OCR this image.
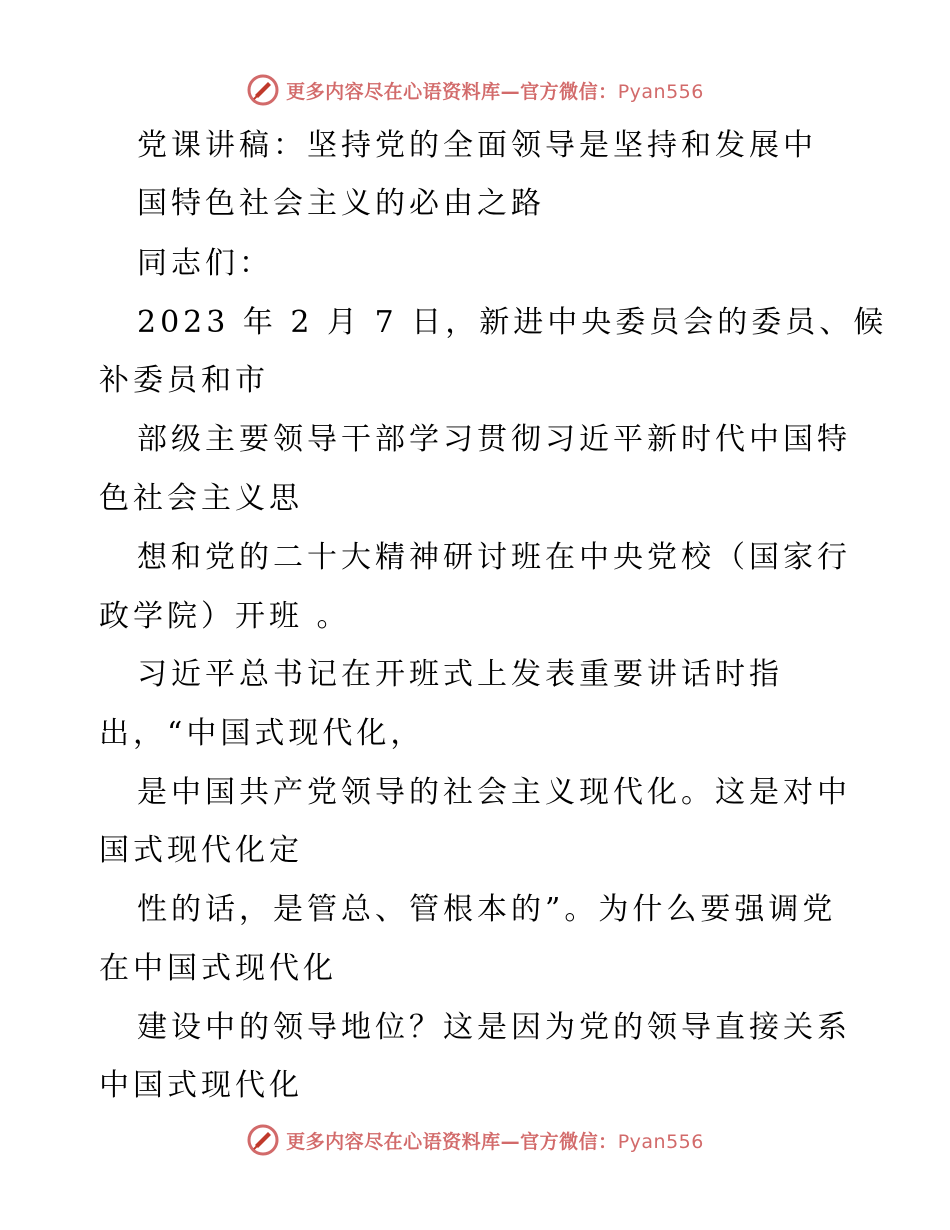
更多内容尽在心语资料库—官方微信：Pyan556
党课讲稿：坚持党的全面领导是坚持和发展中
国特色社会主义的必由之路
同志们：
2023 年 2 月 7 日，新进中央委员会的委员、候
补委员和市
部级主要领导干部学习贯彻习近平新时代中国特
色社会主义思
想和党的二十大精神研讨班在中央党校（国家行
政学院）开班 。
习近平总书记在开班式上发表重要讲话时指
出，“中国式现代化，
是中国共产党领导的社会主义现代化。这是对中
国式现代化定
性的话，是管总、管根本的”。为什么要强调党
在中国式现代化
建设中的领导地位？这是因为党的领导直接关系
中国式现代化
更多内容尽在心语资料库—官方微信：Pyan556
